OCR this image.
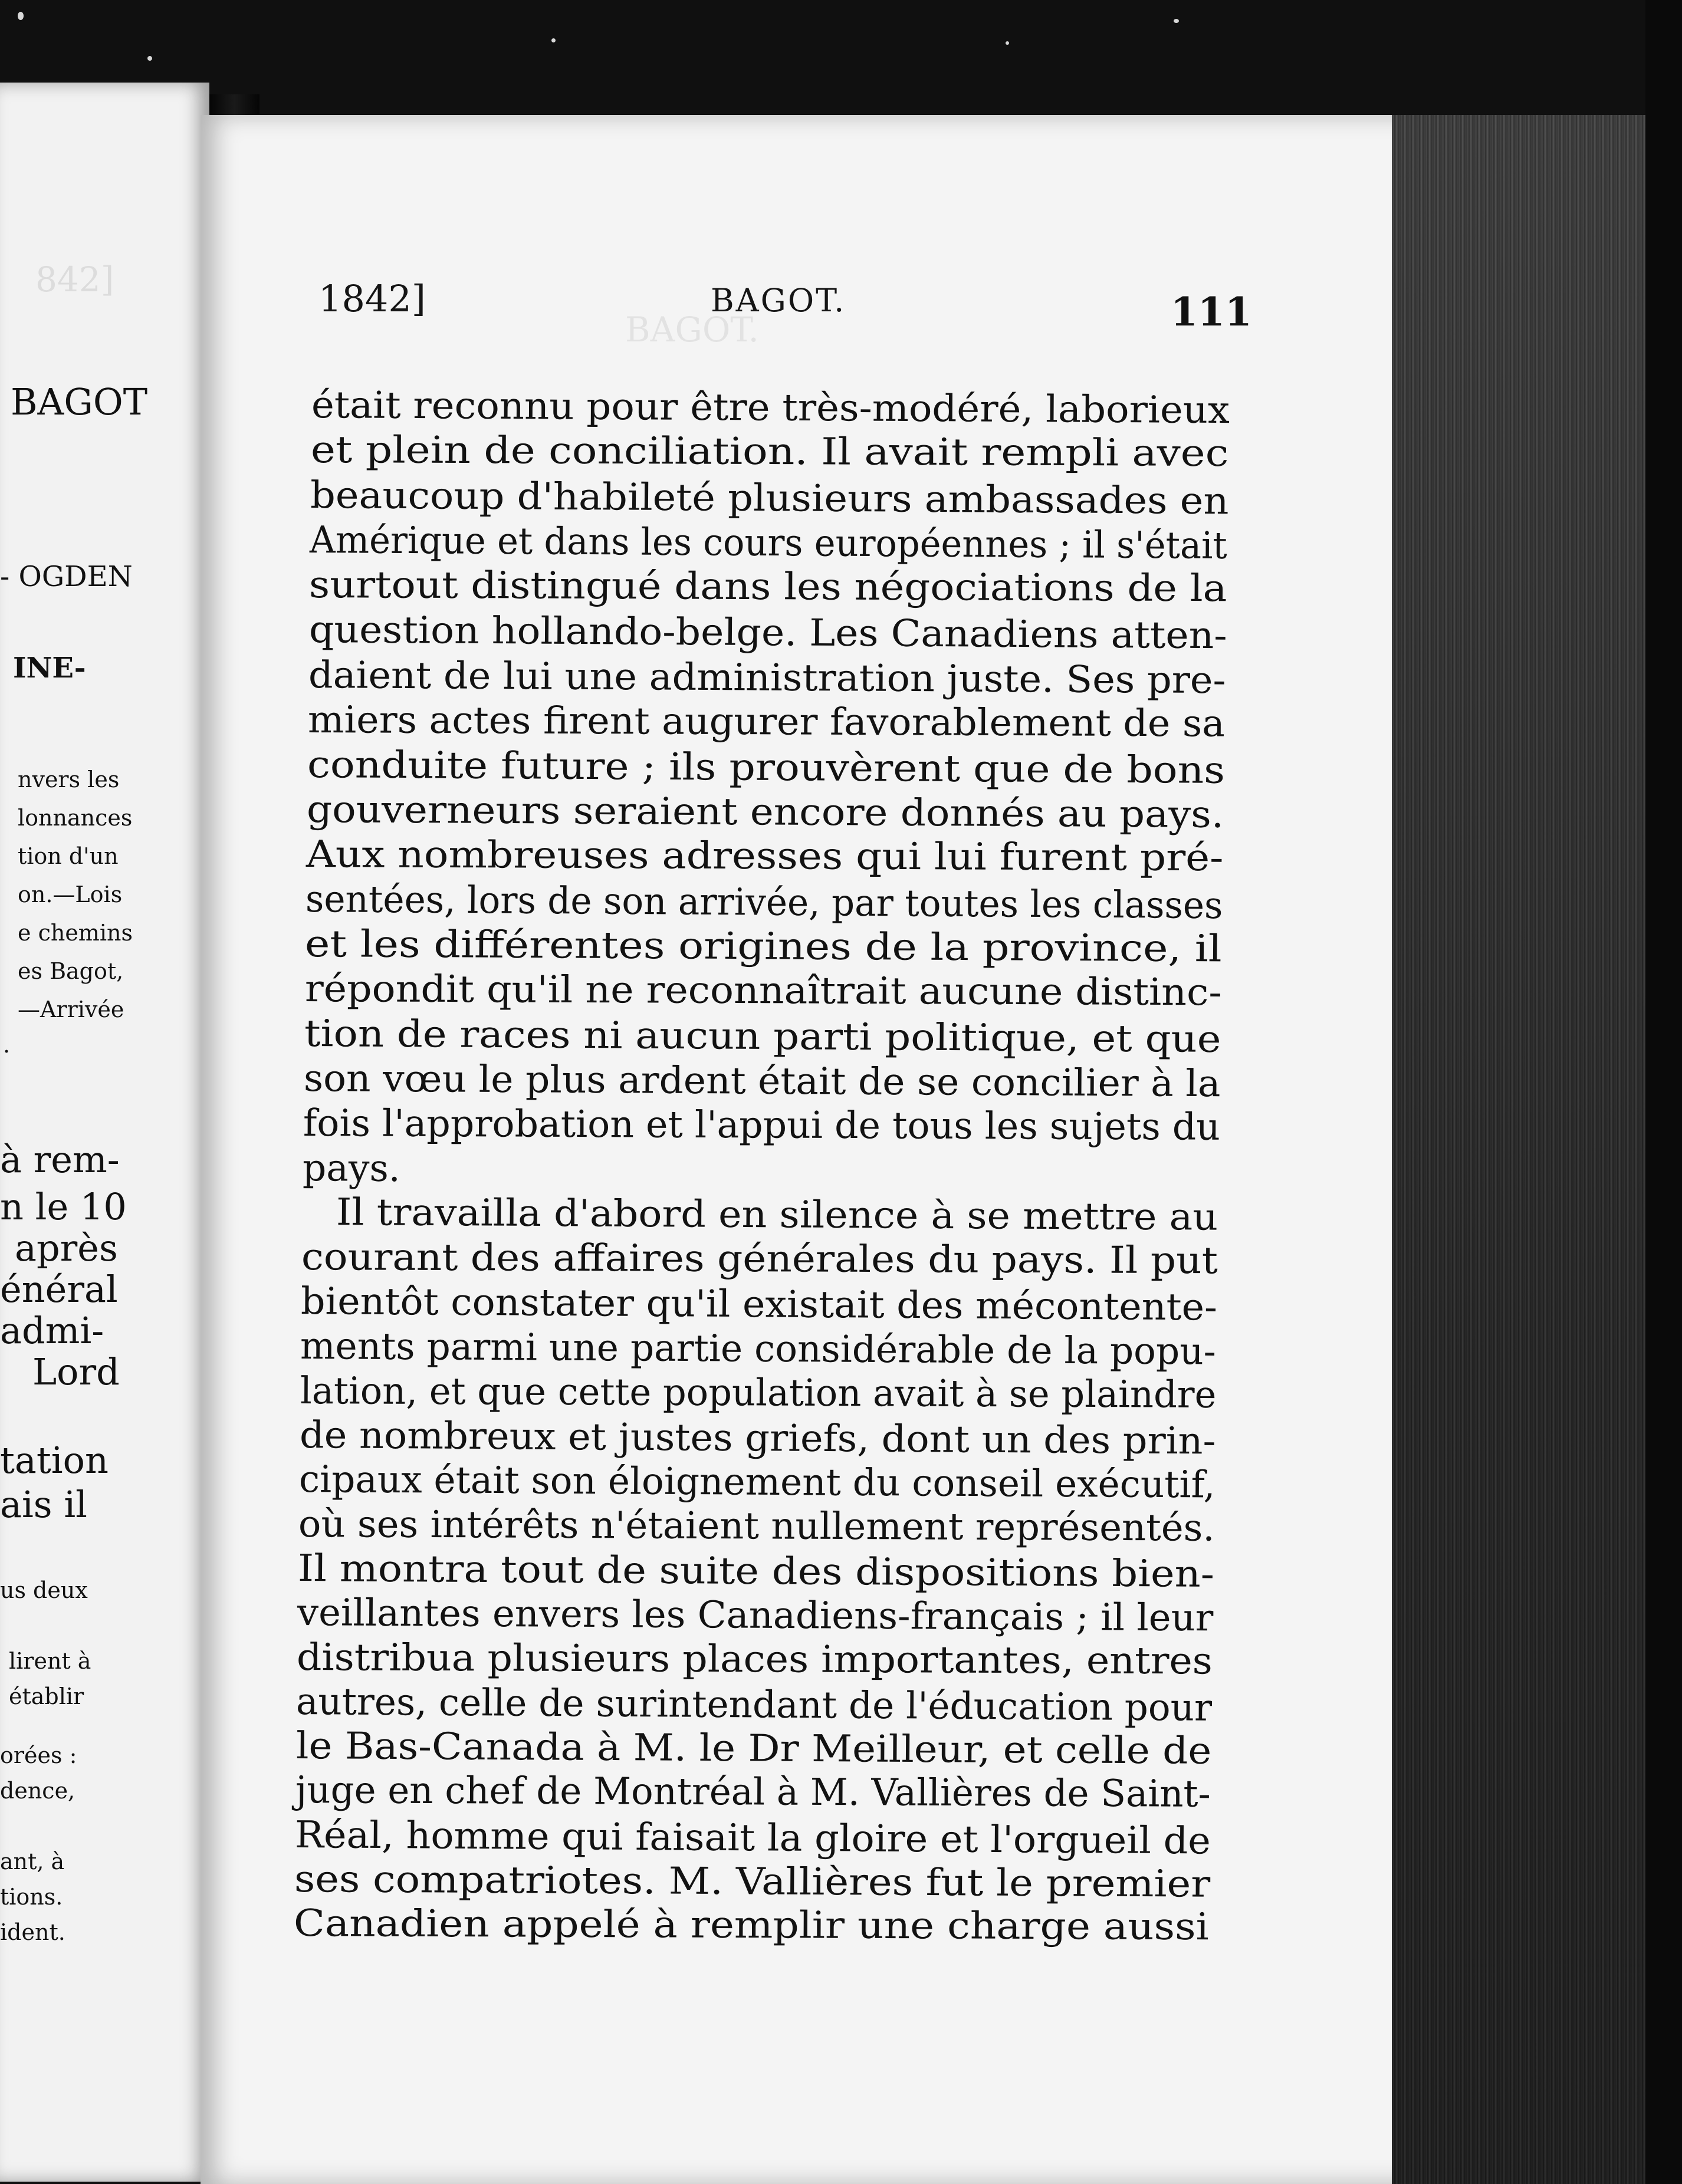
842]
BAGOT
- OGDEN
INE-
nvers les
lonnances
tion d'un
on.—Lois
e chemins
es Bagot,
—Arrivée
.
à rem-
n le 10
après
énéral
admi-
Lord
tation
ais il
us deux
lirent à
établir
orées :
dence,
ant, à
tions.
ident.
BAGOT.
1842]	BAGOT.	111
était reconnu pour être très-modéré, laborieux
et plein de conciliation. Il avait rempli avec
beaucoup d'habileté plusieurs ambassades en
Amérique et dans les cours européennes ; il s'était
surtout distingué dans les négociations de la
question hollando-belge. Les Canadiens atten-
daient de lui une administration juste. Ses pre-
miers actes firent augurer favorablement de sa
conduite future ; ils prouvèrent que de bons
gouverneurs seraient encore donnés au pays.
Aux nombreuses adresses qui lui furent pré-
sentées, lors de son arrivée, par toutes les classes
et les différentes origines de la province, il
répondit qu'il ne reconnaîtrait aucune distinc-
tion de races ni aucun parti politique, et que
son vœu le plus ardent était de se concilier à la
fois l'approbation et l'appui de tous les sujets du
pays.
Il travailla d'abord en silence à se mettre au
courant des affaires générales du pays. Il put
bientôt constater qu'il existait des mécontente-
ments parmi une partie considérable de la popu-
lation, et que cette population avait à se plaindre
de nombreux et justes griefs, dont un des prin-
cipaux était son éloignement du conseil exécutif,
où ses intérêts n'étaient nullement représentés.
Il montra tout de suite des dispositions bien-
veillantes envers les Canadiens-français ; il leur
distribua plusieurs places importantes, entres
autres, celle de surintendant de l'éducation pour
le Bas-Canada à M. le Dr Meilleur, et celle de
juge en chef de Montréal à M. Vallières de Saint-
Réal, homme qui faisait la gloire et l'orgueil de
ses compatriotes. M. Vallières fut le premier
Canadien appelé à remplir une charge aussi
